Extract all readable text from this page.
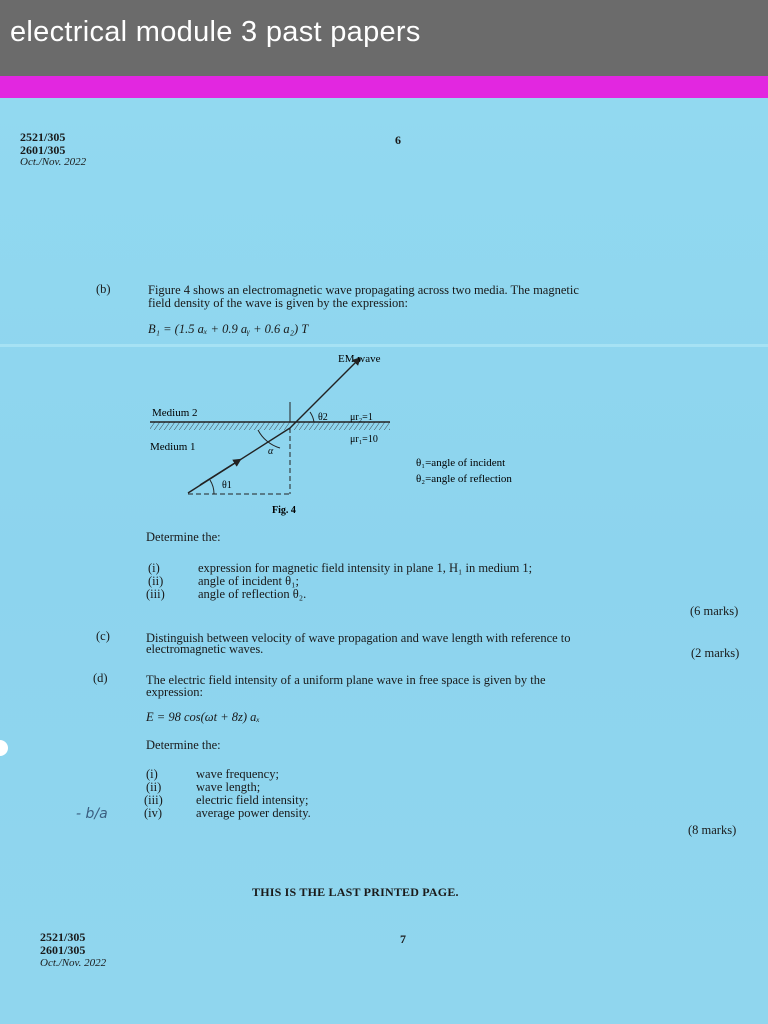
electrical module 3 past papers
2521/305
2601/305
Oct./Nov. 2022
6
(b)	Figure 4 shows an electromagnetic wave propagating across two media. The magnetic
field density of the wave is given by the expression:
B₁ = (1.5 aₓ + 0.9 aᵧ + 0.6 a₂) T
EM wave
Medium 2
Medium 1
θ2
θ1
α
μr₂=1
μr₁=10
θ₁=angle of incident
θ₂=angle of reflection
Fig. 4
Determine the:
(i)	expression for magnetic field intensity in plane 1, H₁ in medium 1;
(ii)	angle of incident θ₁;
(iii)	angle of reflection θ₂.
(6 marks)
(c)	Distinguish between velocity of wave propagation and wave length with reference to
electromagnetic waves.	(2 marks)
(d)	The electric field intensity of a uniform plane wave in free space is given by the
expression:
E = 98 cos(ωt + 8z) aₓ
Determine the:
(i)	wave frequency;
(ii)	wave length;
(iii)	electric field intensity;
(iv)	average power density.
- b/a
(8 marks)
THIS IS THE LAST PRINTED PAGE.
2521/305
2601/305
Oct./Nov. 2022
7
